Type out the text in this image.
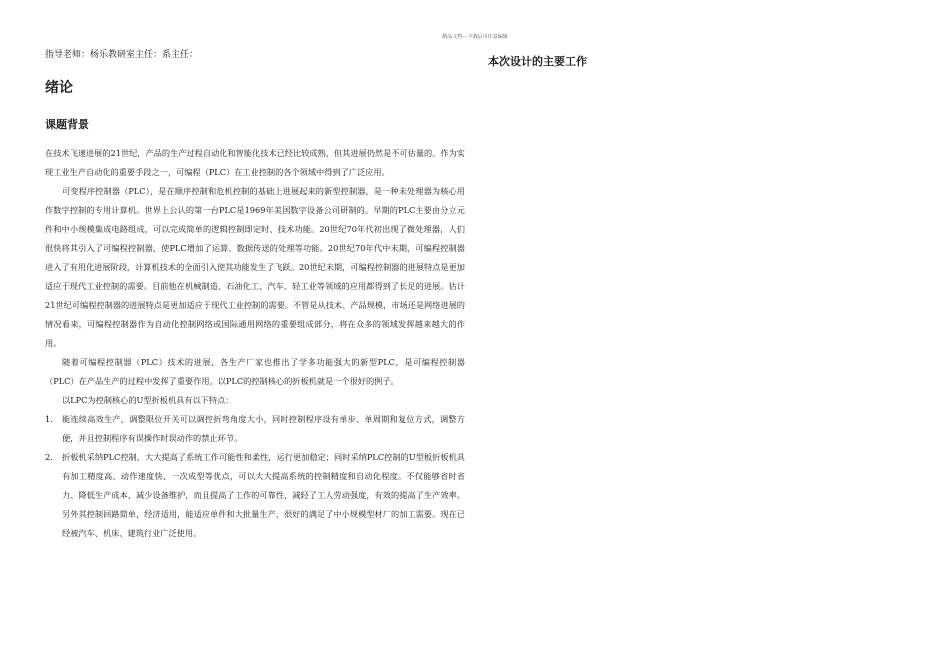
精品文档---下载后可任意编辑

指导老师：杨乐教研室主任：系主任：

绪论
课题背景

在技术飞速进展的21世纪，产品的生产过程自动化和智能化技术已经比较成熟，但其进展仍然是不可估量的。作为实现工业生产自动化的重要手段之一，可编程（PLC）在工业控制的各个领域中得到了广泛应用。

可变程序控制器（PLC），是在顺序控制和危机控制的基础上进展起来的新型控制器，是一种未处理器为核心用作数字控制的专用计算机。世界上公认的第一台PLC是1969年美国数字设备公司研制的。早期的PLC主要由分立元件和中小规模集成电路组成，可以完成简单的逻辑控制即定时、技术功能。20世纪70年代初出现了微处理器，人们很快将其引入了可编程控制器，使PLC增加了运算、数据传送的处理等功能。20世纪70年代中末期，可编程控制器进入了有用化进展阶段，计算机技术的全面引入使其功能发生了飞跃。20世纪末期，可编程控制器的进展特点是更加适应于现代工业控制的需要。目前他在机械制造、石油化工、汽车、轻工业等领域的应用都得到了长足的进展。估计21世纪可编程控制器的进展特点是更加适应于现代工业控制的需要。不管是从技术、产品规模，市场还是网络进展的情况看来，可编程控制器作为自动化控制网络或国际通用网络的重要组成部分，将在众多的领域发挥越来越大的作用。

随着可编程控制器（PLC）技术的进展，各生产厂家也推出了学多功能强大的新型PLC，是可编程控制器（PLC）在产品生产的过程中发挥了重要作用。以PLC的控制核心的折板机就是一个很好的例子。

以LPC为控制核心的U型折板机具有以下特点：

1.	能连续高效生产，调整限位开关可以调控折弯角度大小，同时控制程序设有单步、单周期和复位方式，调整方便，并且控制程序有误操作时误动作的禁止环节。
2.	折板机采纳PLC控制，大大提高了系统工作可能性和柔性，运行更加稳定；同时采纳PLC控制的U型板折板机具有加工精度高、动作速度快、一次成型等优点，可以大大提高系统的控制精度和自动化程度。不仅能够省时省力、降低生产成本、减少设备维护，而且提高了工作的可靠性，减轻了工人劳动强度，有效的提高了生产效率。另外其控制回路简单，经济适用，能适应单件和大批量生产，很好的满足了中小规模型材厂的加工需要。现在已经被汽车、机床、建筑行业广泛使用。
本次设计的主要工作
